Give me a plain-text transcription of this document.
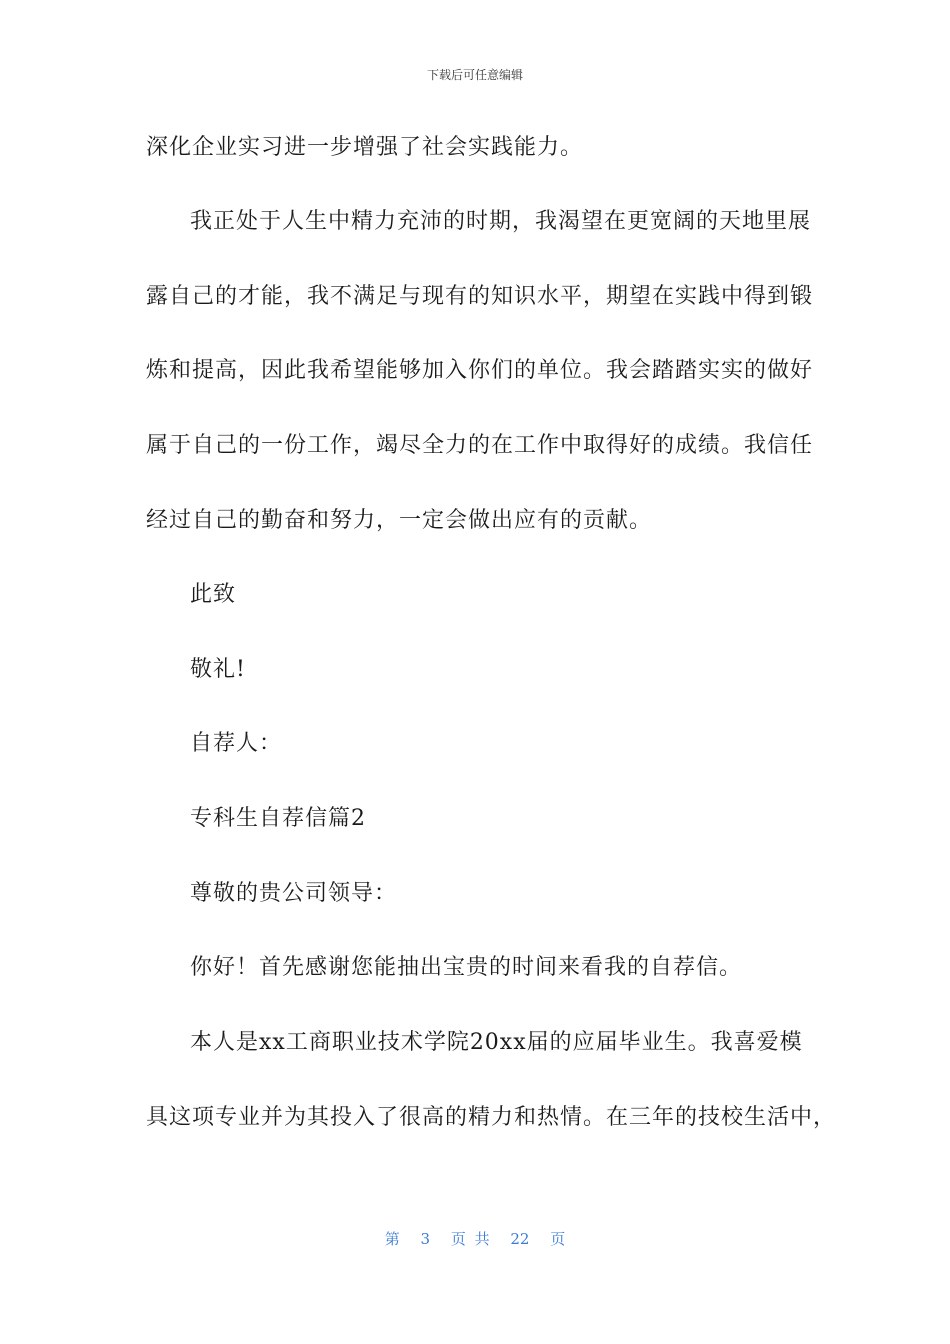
下载后可任意编辑
深化企业实习进一步增强了社会实践能力。
我正处于人生中精力充沛的时期，我渴望在更宽阔的天地里展
露自己的才能，我不满足与现有的知识水平，期望在实践中得到锻
炼和提高，因此我希望能够加入你们的单位。我会踏踏实实的做好
属于自己的一份工作，竭尽全力的在工作中取得好的成绩。我信任
经过自己的勤奋和努力，一定会做出应有的贡献。
此致
敬礼!
自荐人：
专科生自荐信篇2
尊敬的贵公司领导：
你好！首先感谢您能抽出宝贵的时间来看我的自荐信。
本人是xx工商职业技术学院20xx届的应届毕业生。我喜爱模
具这项专业并为其投入了很高的精力和热情。在三年的技校生活中，
第 3 页 共 22 页
